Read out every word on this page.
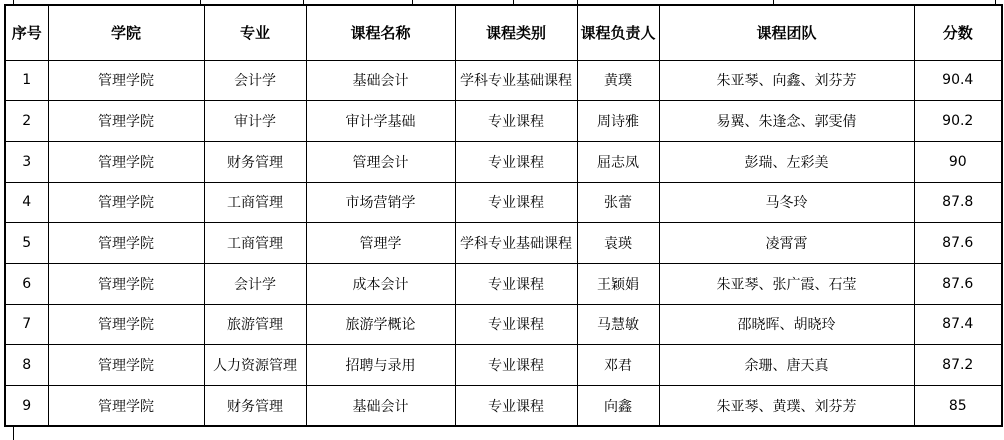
序号	学院	专业	课程名称	课程类别	课程负责人	课程团队	分数
1	管理学院	会计学	基础会计	学科专业基础课程	黄璞	朱亚琴、向鑫、刘芬芳	90.4
2	管理学院	审计学	审计学基础	专业课程	周诗雅	易翼、朱逢念、郭雯倩	90.2
3	管理学院	财务管理	管理会计	专业课程	屈志凤	彭瑞、左彩美	90
4	管理学院	工商管理	市场营销学	专业课程	张蕾	马冬玲	87.8
5	管理学院	工商管理	管理学	学科专业基础课程	袁瑛	凌霄霄	87.6
6	管理学院	会计学	成本会计	专业课程	王颖娟	朱亚琴、张广霞、石莹	87.6
7	管理学院	旅游管理	旅游学概论	专业课程	马慧敏	邵晓晖、胡晓玲	87.4
8	管理学院	人力资源管理	招聘与录用	专业课程	邓君	余珊、唐天真	87.2
9	管理学院	财务管理	基础会计	专业课程	向鑫	朱亚琴、黄璞、刘芬芳	85
